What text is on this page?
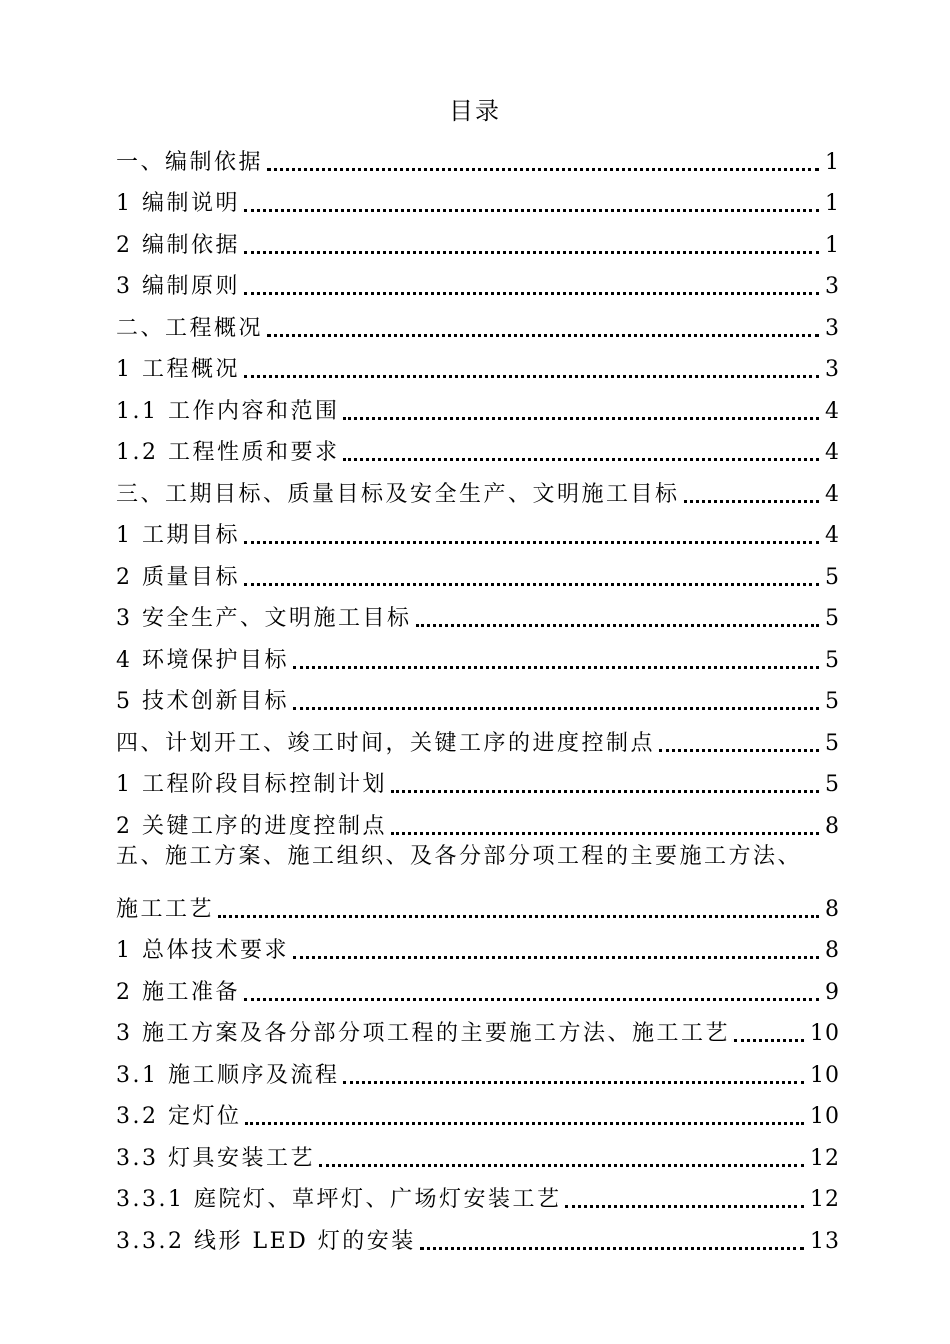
目录
一、编制依据	1
1 编制说明	1
2 编制依据	1
3 编制原则	3
二、工程概况	3
1 工程概况	3
1.1 工作内容和范围	4
1.2 工程性质和要求	4
三、工期目标、质量目标及安全生产、文明施工目标	4
1 工期目标	4
2 质量目标	5
3 安全生产、文明施工目标	5
4 环境保护目标	5
5 技术创新目标	5
四、计划开工、竣工时间，关键工序的进度控制点	5
1 工程阶段目标控制计划	5
2 关键工序的进度控制点	8
五、施工方案、施工组织、及各分部分项工程的主要施工方法、
施工工艺	8
1 总体技术要求	8
2 施工准备	9
3 施工方案及各分部分项工程的主要施工方法、施工工艺	10
3.1 施工顺序及流程	10
3.2 定灯位	10
3.3 灯具安装工艺	12
3.3.1 庭院灯、草坪灯、广场灯安装工艺	12
3.3.2 线形 LED 灯的安装	13
